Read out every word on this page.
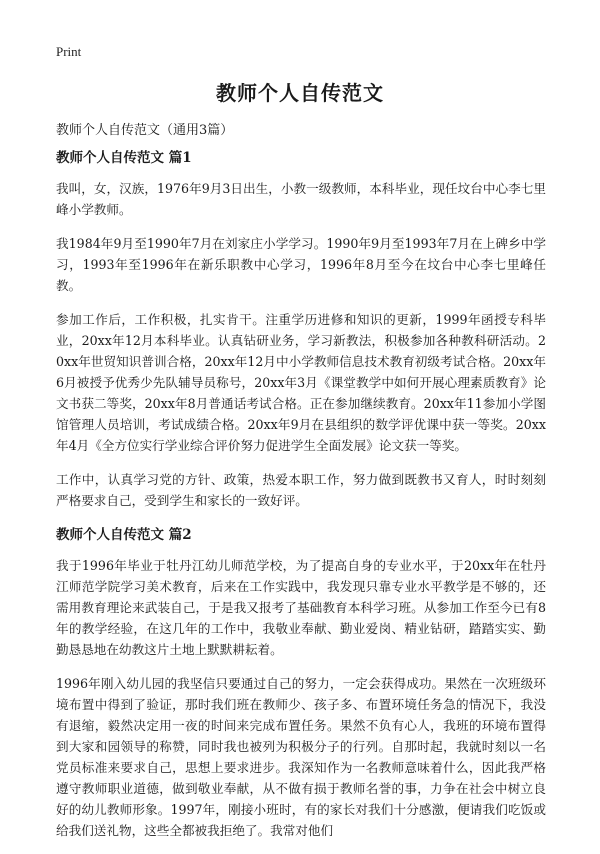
Print
教师个人自传范文

教师个人自传范文（通用3篇）

教师个人自传范文 篇1

我叫，女，汉族，1976年9月3日出生，小教一级教师，本科毕业，现任坟台中心李七里峰小学教师。

我1984年9月至1990年7月在刘家庄小学学习。1990年9月至1993年7月在上碑乡中学习，1993年至1996年在新乐职教中心学习，1996年8月至今在坟台中心李七里峰任教。

参加工作后，工作积极，扎实肯干。注重学历进修和知识的更新，1999年函授专科毕业，20xx年12月本科毕业。认真钻研业务，学习新教法，积极参加各种教科研活动。20xx年世贸知识普训合格，20xx年12月中小学教师信息技术教育初级考试合格。20xx年6月被授予优秀少先队辅导员称号，20xx年3月《课堂教学中如何开展心理素质教育》论文书获二等奖，20xx年8月普通话考试合格。正在参加继续教育。20xx年11参加小学图馆管理人员培训，考试成绩合格。20xx年9月在县组织的数学评优课中获一等奖。20xx年4月《全方位实行学业综合评价努力促进学生全面发展》论文获一等奖。

工作中，认真学习党的方针、政策，热爱本职工作，努力做到既教书又育人，时时刻刻严格要求自己，受到学生和家长的一致好评。

教师个人自传范文 篇2

我于1996年毕业于牡丹江幼儿师范学校，为了提高自身的专业水平，于20xx年在牡丹江师范学院学习美术教育，后来在工作实践中，我发现只靠专业水平教学是不够的，还需用教育理论来武装自己，于是我又报考了基础教育本科学习班。从参加工作至今已有8年的教学经验，在这几年的工作中，我敬业奉献、勤业爱岗、精业钻研，踏踏实实、勤勤恳恳地在幼教这片土地上默默耕耘着。

1996年刚入幼儿园的我坚信只要通过自己的努力，一定会获得成功。果然在一次班级环境布置中得到了验证，那时我们班在教师少、孩子多、布置环境任务急的情况下，我没有退缩，毅然决定用一夜的时间来完成布置任务。果然不负有心人，我班的环境布置得到大家和园领导的称赞，同时我也被列为积极分子的行列。自那时起，我就时刻以一名党员标准来要求自己，思想上要求进步。我深知作为一名教师意味着什么，因此我严格遵守教师职业道德，做到敬业奉献，从不做有损于教师名誉的事，力争在社会中树立良好的幼儿教师形象。1997年，刚接小班时，有的家长对我们十分感激，便请我们吃饭或给我们送礼物，这些全都被我拒绝了。我常对他们
